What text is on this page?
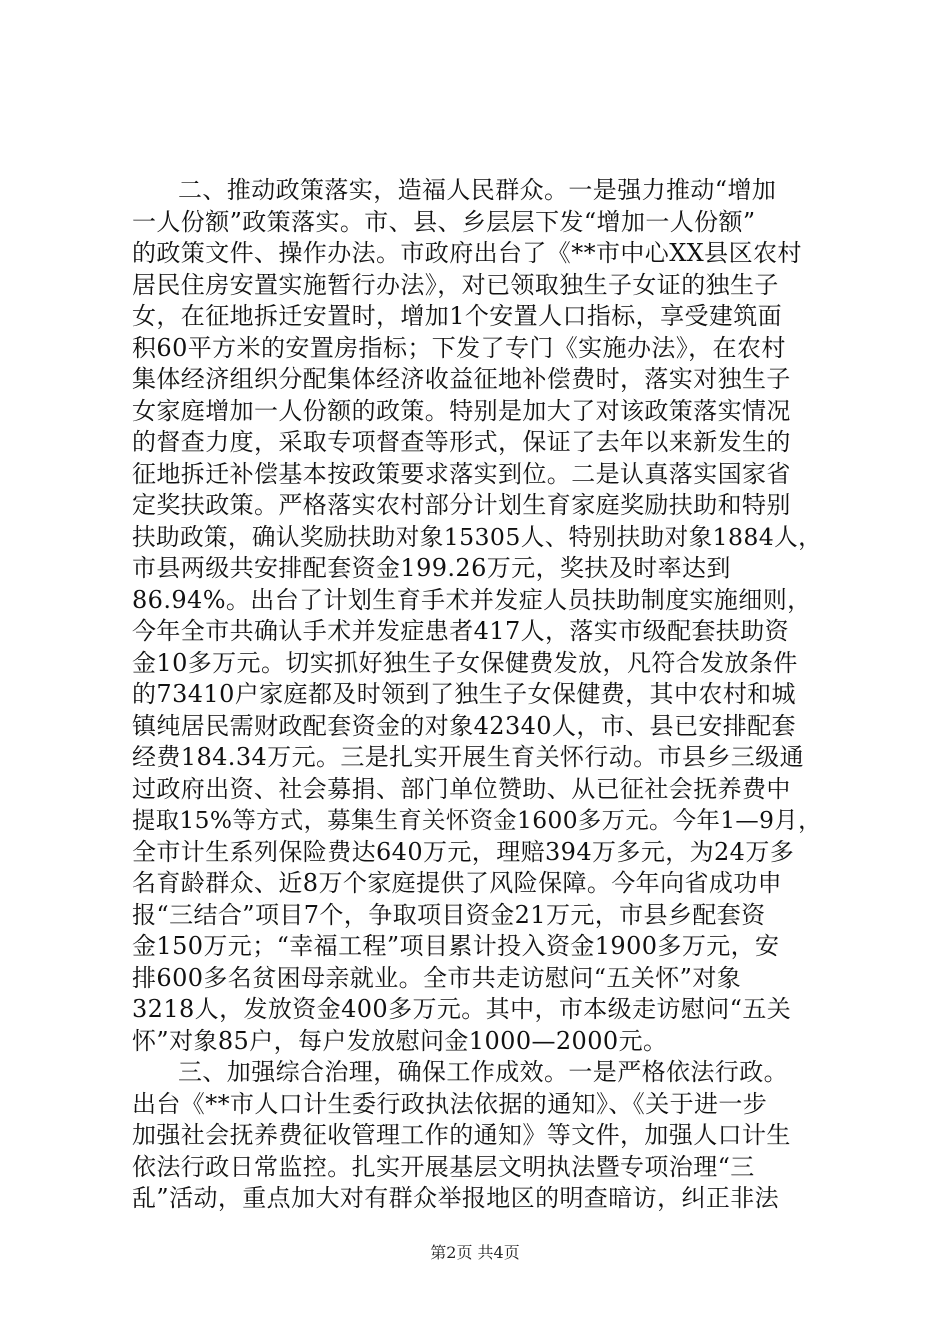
二、推动政策落实，造福人民群众。一是强力推动“增加
一人份额”政策落实。市、县、乡层层下发“增加一人份额”
的政策文件、操作办法。市政府出台了《**市中心XX县区农村
居民住房安置实施暂行办法》，对已领取独生子女证的独生子
女，在征地拆迁安置时，增加1个安置人口指标，享受建筑面
积60平方米的安置房指标；下发了专门《实施办法》，在农村
集体经济组织分配集体经济收益征地补偿费时，落实对独生子
女家庭增加一人份额的政策。特别是加大了对该政策落实情况
的督查力度，采取专项督查等形式，保证了去年以来新发生的
征地拆迁补偿基本按政策要求落实到位。二是认真落实国家省
定奖扶政策。严格落实农村部分计划生育家庭奖励扶助和特别
扶助政策，确认奖励扶助对象15305人、特别扶助对象1884人，
市县两级共安排配套资金199.26万元，奖扶及时率达到
86.94%。出台了计划生育手术并发症人员扶助制度实施细则，
今年全市共确认手术并发症患者417人，落实市级配套扶助资
金10多万元。切实抓好独生子女保健费发放，凡符合发放条件
的73410户家庭都及时领到了独生子女保健费，其中农村和城
镇纯居民需财政配套资金的对象42340人，市、县已安排配套
经费184.34万元。三是扎实开展生育关怀行动。市县乡三级通
过政府出资、社会募捐、部门单位赞助、从已征社会抚养费中
提取15%等方式，募集生育关怀资金1600多万元。今年1—9月，
全市计生系列保险费达640万元，理赔394万多元，为24万多
名育龄群众、近8万个家庭提供了风险保障。今年向省成功申
报“三结合”项目7个，争取项目资金21万元，市县乡配套资
金150万元；“幸福工程”项目累计投入资金1900多万元，安
排600多名贫困母亲就业。全市共走访慰问“五关怀”对象
3218人，发放资金400多万元。其中，市本级走访慰问“五关
怀”对象85户，每户发放慰问金1000—2000元。
三、加强综合治理，确保工作成效。一是严格依法行政。
出台《**市人口计生委行政执法依据的通知》、《关于进一步
加强社会抚养费征收管理工作的通知》等文件，加强人口计生
依法行政日常监控。扎实开展基层文明执法暨专项治理“三
乱”活动，重点加大对有群众举报地区的明查暗访，纠正非法
第2页 共4页
